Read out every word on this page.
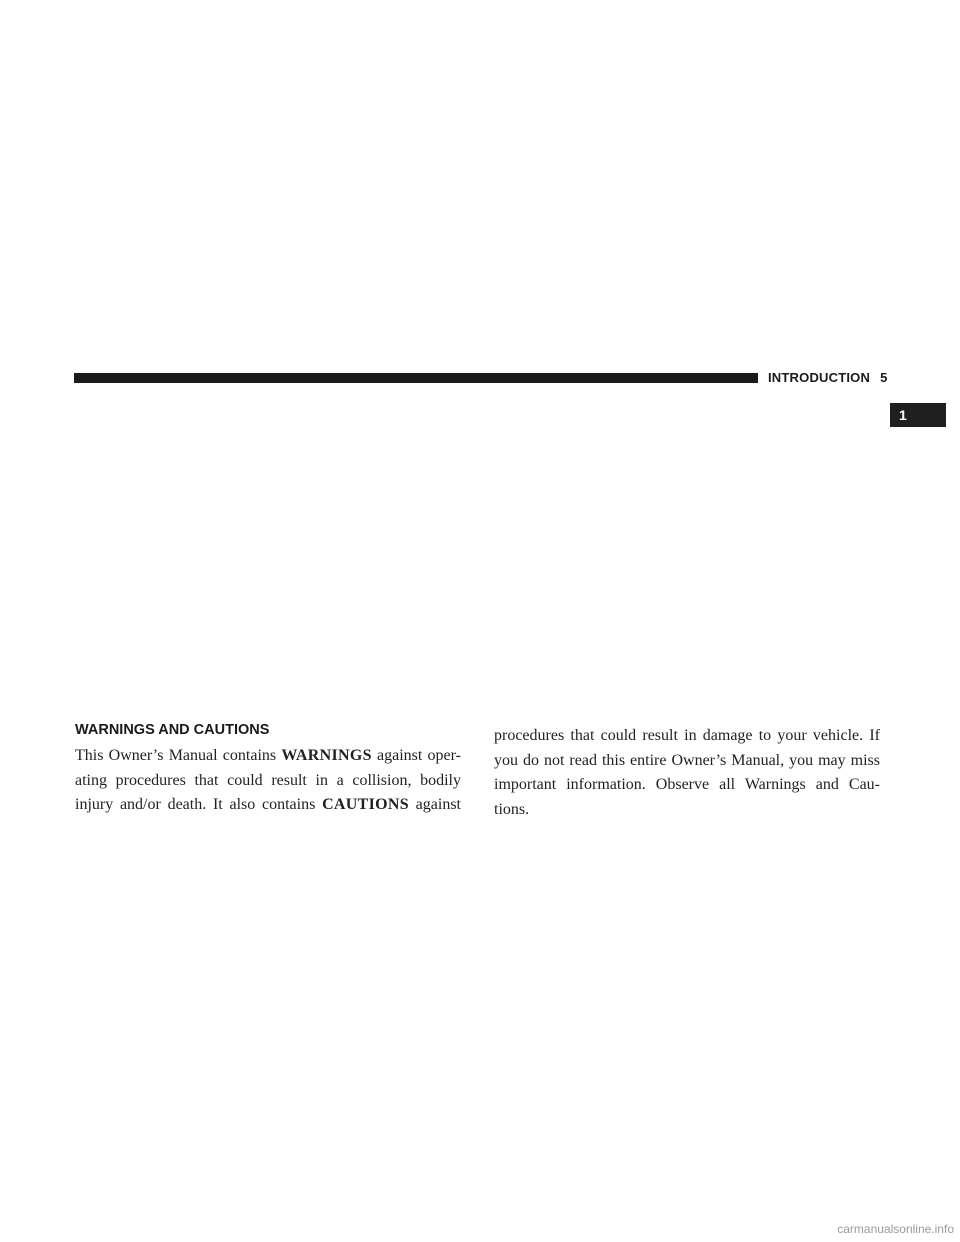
INTRODUCTION 5
1
WARNINGS AND CAUTIONS
This Owner’s Manual contains WARNINGS against oper-
ating procedures that could result in a collision, bodily
injury and/or death. It also contains CAUTIONS against
procedures that could result in damage to your vehicle. If
you do not read this entire Owner’s Manual, you may miss
important information. Observe all Warnings and Cau-
tions.
carmanualsonline.info
